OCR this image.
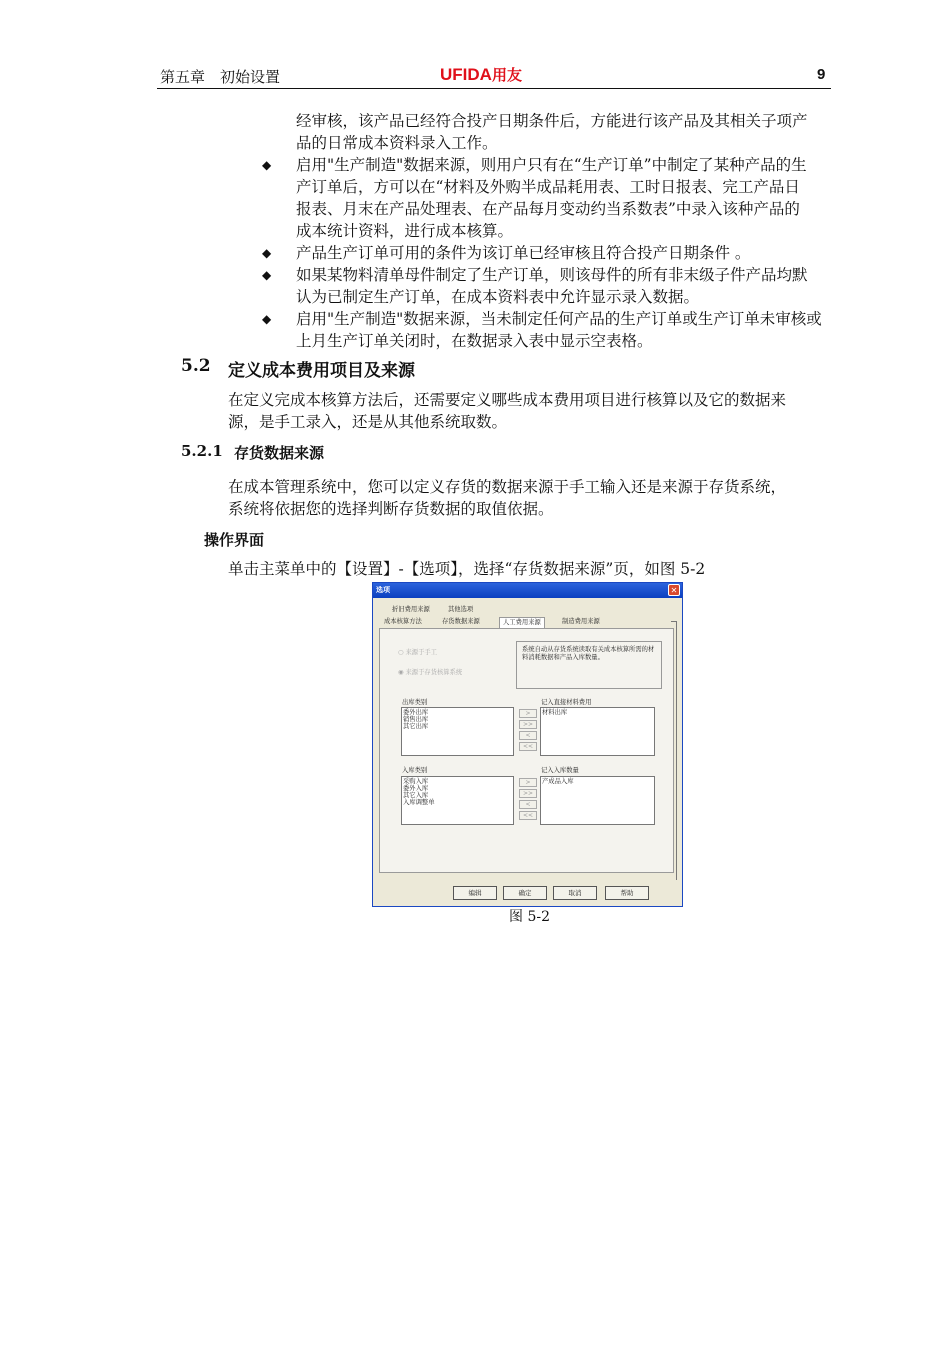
第五章　初始设置	UFIDA用友	9
经审核，该产品已经符合投产日期条件后，方能进行该产品及其相关子项产
品的日常成本资料录入工作。
◆ 启用"生产制造"数据来源，则用户只有在“生产订单”中制定了某种产品的生
产订单后，方可以在“材料及外购半成品耗用表、工时日报表、完工产品日
报表、月末在产品处理表、在产品每月变动约当系数表”中录入该种产品的
成本统计资料，进行成本核算。
◆ 产品生产订单可用的条件为该订单已经审核且符合投产日期条件 。
◆ 如果某物料清单母件制定了生产订单，则该母件的所有非末级子件产品均默
认为已制定生产订单，在成本资料表中允许显示录入数据。
◆ 启用"生产制造"数据来源，当未制定任何产品的生产订单或生产订单未审核或
上月生产订单关闭时，在数据录入表中显示空表格。
5.2 定义成本费用项目及来源
在定义完成本核算方法后，还需要定义哪些成本费用项目进行核算以及它的数据来
源，是手工录入，还是从其他系统取数。
5.2.1 存货数据来源
在成本管理系统中，您可以定义存货的数据来源于手工输入还是来源于存货系统，
系统将依据您的选择判断存货数据的取值依据。
操作界面
单击主菜单中的【设置】-【选项】，选择“存货数据来源”页，如图 5-2
选项	✕
折旧费用来源	其他选项
成本核算方法	存货数据来源	人工费用来源	制造费用来源
○ 来源于手工
◉ 来源于存货核算系统
系统自动从存货系统读取有关成本核算所需的材料消耗数据和产品入库数量。
出库类别
委外出库
销售出库
其它出库
>
>>
<
<<
记入直接材料费用
材料出库
入库类别
采购入库
委外入库
其它入库
入库调整单
>
>>
<
<<
记入入库数量
产成品入库
编辑	确定	取消	帮助
图 5-2
